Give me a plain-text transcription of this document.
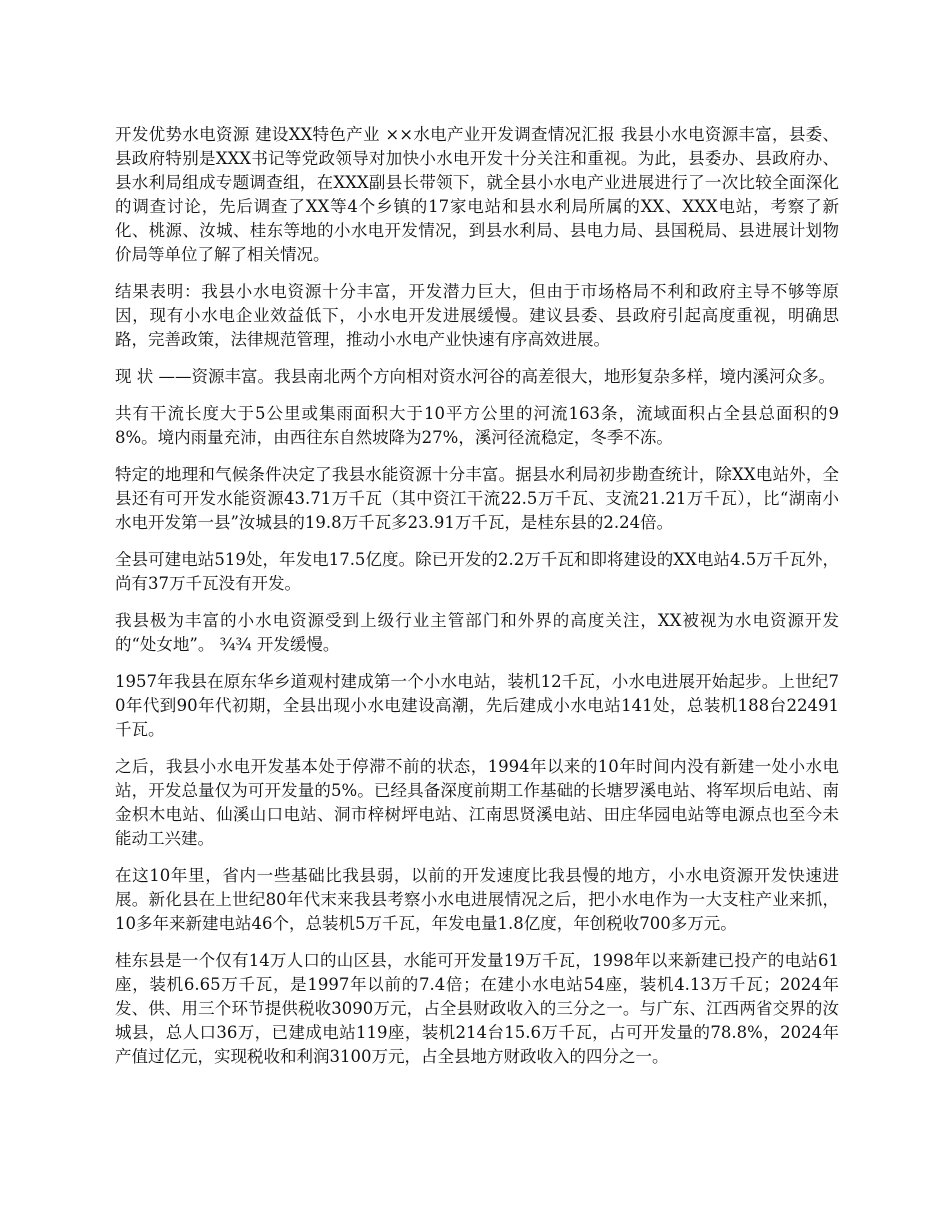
开发优势水电资源 建设XX特色产业 ××水电产业开发调查情况汇报 我县小水电资源丰富，县委、县政府特别是XXX书记等党政领导对加快小水电开发十分关注和重视。为此，县委办、县政府办、县水利局组成专题调查组，在XXX副县长带领下，就全县小水电产业进展进行了一次比较全面深化的调查讨论，先后调查了XX等4个乡镇的17家电站和县水利局所属的XX、XXX电站，考察了新化、桃源、汝城、桂东等地的小水电开发情况，到县水利局、县电力局、县国税局、县进展计划物价局等单位了解了相关情况。

结果表明：我县小水电资源十分丰富，开发潜力巨大，但由于市场格局不利和政府主导不够等原因，现有小水电企业效益低下，小水电开发进展缓慢。建议县委、县政府引起高度重视，明确思路，完善政策，法律规范管理，推动小水电产业快速有序高效进展。

现 状 ——资源丰富。我县南北两个方向相对资水河谷的高差很大，地形复杂多样，境内溪河众多。

共有干流长度大于5公里或集雨面积大于10平方公里的河流163条，流域面积占全县总面积的98%。境内雨量充沛，由西往东自然坡降为27%，溪河径流稳定，冬季不冻。

特定的地理和气候条件决定了我县水能资源十分丰富。据县水利局初步勘查统计，除XX电站外，全县还有可开发水能资源43.71万千瓦（其中资江干流22.5万千瓦、支流21.21万千瓦），比“湖南小水电开发第一县”汝城县的19.8万千瓦多23.91万千瓦，是桂东县的2.24倍。

全县可建电站519处，年发电17.5亿度。除已开发的2.2万千瓦和即将建设的XX电站4.5万千瓦外，尚有37万千瓦没有开发。

我县极为丰富的小水电资源受到上级行业主管部门和外界的高度关注，XX被视为水电资源开发的“处女地”。 ¾¾ 开发缓慢。

1957年我县在原东华乡道观村建成第一个小水电站，装机12千瓦，小水电进展开始起步。上世纪70年代到90年代初期，全县出现小水电建设高潮，先后建成小水电站141处，总装机188台22491千瓦。

之后，我县小水电开发基本处于停滞不前的状态，1994年以来的10年时间内没有新建一处小水电站，开发总量仅为可开发量的5%。已经具备深度前期工作基础的长塘罗溪电站、将军坝后电站、南金枳木电站、仙溪山口电站、洞市梓树坪电站、江南思贤溪电站、田庄华园电站等电源点也至今未能动工兴建。

在这10年里，省内一些基础比我县弱，以前的开发速度比我县慢的地方，小水电资源开发快速进展。新化县在上世纪80年代末来我县考察小水电进展情况之后，把小水电作为一大支柱产业来抓，10多年来新建电站46个，总装机5万千瓦，年发电量1.8亿度，年创税收700多万元。

桂东县是一个仅有14万人口的山区县，水能可开发量19万千瓦，1998年以来新建已投产的电站61座，装机6.65万千瓦，是1997年以前的7.4倍；在建小水电站54座，装机4.13万千瓦；2024年发、供、用三个环节提供税收3090万元，占全县财政收入的三分之一。与广东、江西两省交界的汝城县，总人口36万，已建成电站119座，装机214台15.6万千瓦，占可开发量的78.8%，2024年产值过亿元，实现税收和利润3100万元，占全县地方财政收入的四分之一。
